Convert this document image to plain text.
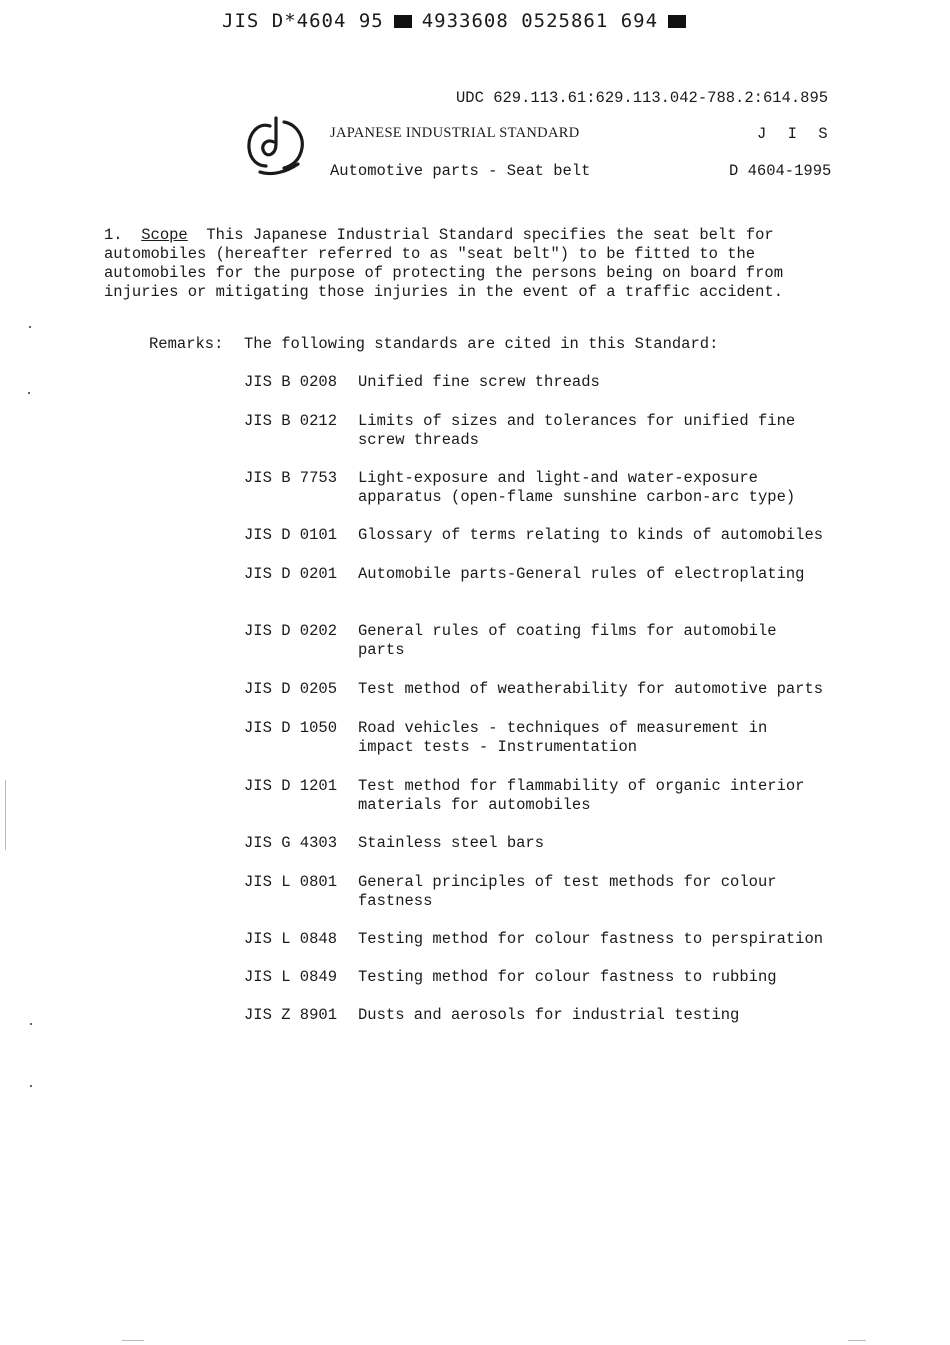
JIS D*4604 95 4933608 0525861 694
UDC 629.113.61:629.113.042-788.2:614.895
JAPANESE INDUSTRIAL STANDARD	J I S
Automotive parts - Seat belt	D 4604-1995
1. Scope This Japanese Industrial Standard specifies the seat belt for
automobiles (hereafter referred to as "seat belt") to be fitted to the
automobiles for the purpose of protecting the persons being on board from
injuries or mitigating those injuries in the event of a traffic accident.
Remarks: The following standards are cited in this Standard:
JIS B 0208 Unified fine screw threads
JIS B 0212 Limits of sizes and tolerances for unified fine
screw threads
JIS B 7753 Light-exposure and light-and water-exposure
apparatus (open-flame sunshine carbon-arc type)
JIS D 0101 Glossary of terms relating to kinds of automobiles
JIS D 0201 Automobile parts-General rules of electroplating
JIS D 0202 General rules of coating films for automobile
parts
JIS D 0205 Test method of weatherability for automotive parts
JIS D 1050 Road vehicles - techniques of measurement in
impact tests - Instrumentation
JIS D 1201 Test method for flammability of organic interior
materials for automobiles
JIS G 4303 Stainless steel bars
JIS L 0801 General principles of test methods for colour
fastness
JIS L 0848 Testing method for colour fastness to perspiration
JIS L 0849 Testing method for colour fastness to rubbing
JIS Z 8901 Dusts and aerosols for industrial testing
